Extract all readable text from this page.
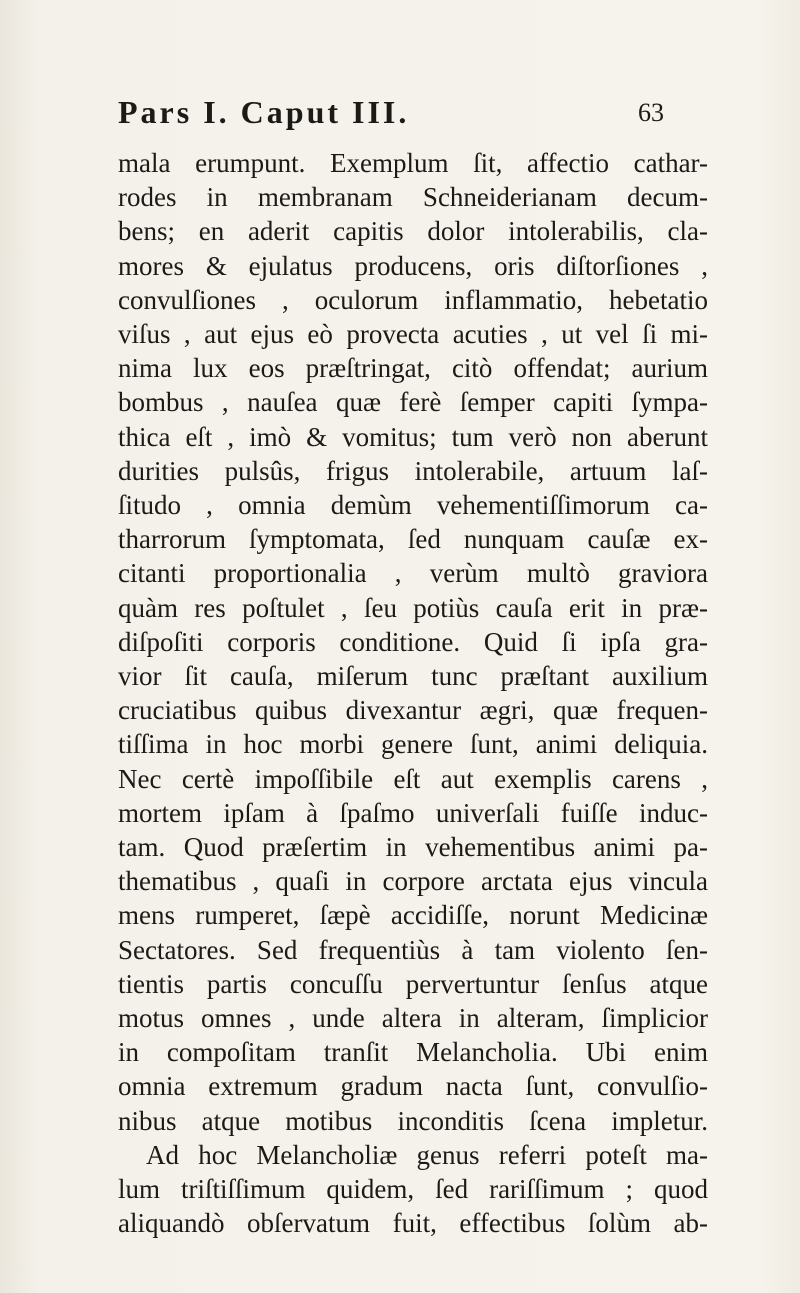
Pars I. Caput III.	63
mala erumpunt. Exemplum ſit, affectio cathar-
rodes in membranam Schneiderianam decum-
bens; en aderit capitis dolor intolerabilis, cla-
mores & ejulatus producens, oris diſtorſiones ,
convulſiones , oculorum inflammatio, hebetatio
viſus , aut ejus eò provecta acuties , ut vel ſi mi-
nima lux eos præſtringat, citò offendat; aurium
bombus , nauſea quæ ferè ſemper capiti ſympa-
thica eſt , imò & vomitus; tum verò non aberunt
durities pulsûs, frigus intolerabile, artuum laſ-
ſitudo , omnia demùm vehementiſſimorum ca-
tharrorum ſymptomata, ſed nunquam cauſæ ex-
citanti proportionalia , verùm multò graviora
quàm res poſtulet , ſeu potiùs cauſa erit in præ-
diſpoſiti corporis conditione. Quid ſi ipſa gra-
vior ſit cauſa, miſerum tunc præſtant auxilium
cruciatibus quibus divexantur ægri, quæ frequen-
tiſſima in hoc morbi genere ſunt, animi deliquia.
Nec certè impoſſibile eſt aut exemplis carens ,
mortem ipſam à ſpaſmo univerſali fuiſſe induc-
tam. Quod præſertim in vehementibus animi pa-
thematibus , quaſi in corpore arctata ejus vincula
mens rumperet, ſæpè accidiſſe, norunt Medicinæ
Sectatores. Sed frequentiùs à tam violento ſen-
tientis partis concuſſu pervertuntur ſenſus atque
motus omnes , unde altera in alteram, ſimplicior
in compoſitam tranſit Melancholia. Ubi enim
omnia extremum gradum nacta ſunt, convulſio-
nibus atque motibus inconditis ſcena impletur.
Ad hoc Melancholiæ genus referri poteſt ma-
lum triſtiſſimum quidem, ſed rariſſimum ; quod
aliquandò obſervatum fuit, effectibus ſolùm ab-
